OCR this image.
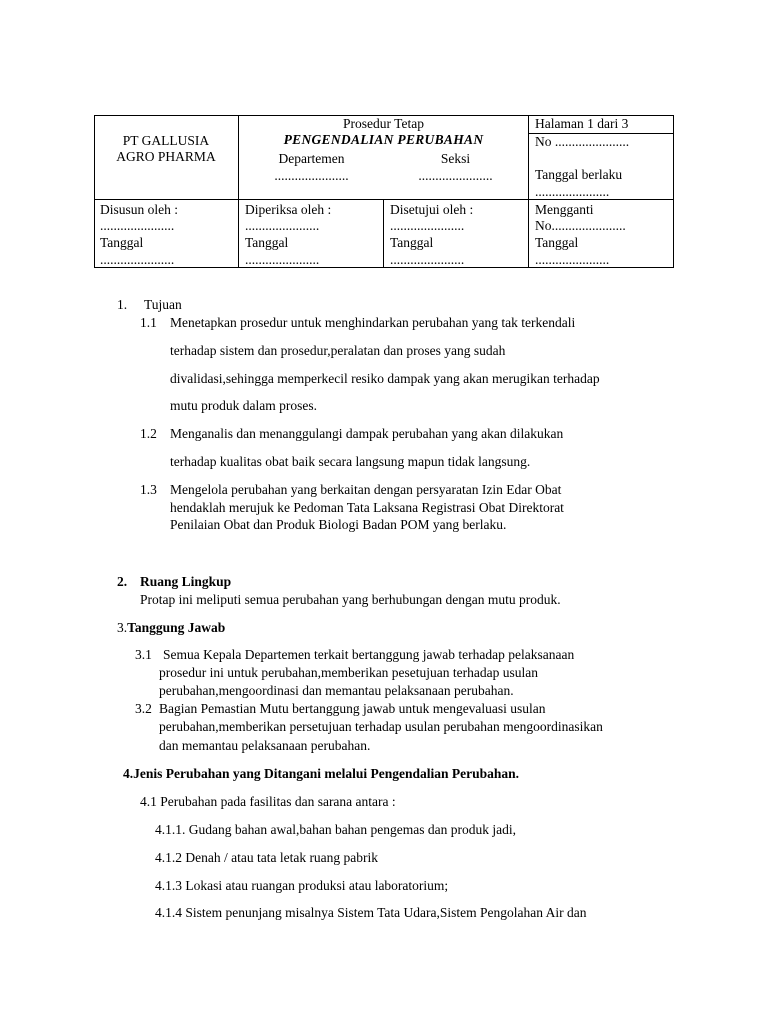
PT GALLUSIA
AGRO PHARMA
Prosedur Tetap
PENGENDALIAN PERUBAHAN
Departemen
......................
Seksi
......................
Halaman 1 dari 3
No ......................
Tanggal berlaku
......................
Disusun oleh :
......................
Tanggal
......................
Diperiksa oleh :
......................
Tanggal
......................
Disetujui oleh :
......................
Tanggal
......................
Mengganti
No......................
Tanggal
......................
1. Tujuan
1.1 Menetapkan prosedur untuk menghindarkan perubahan yang tak terkendali
terhadap sistem dan prosedur,peralatan dan proses yang sudah
divalidasi,sehingga memperkecil resiko dampak yang akan merugikan terhadap
mutu produk dalam proses.
1.2 Menganalis dan menanggulangi dampak perubahan yang akan dilakukan
terhadap kualitas obat baik secara langsung mapun tidak langsung.
1.3 Mengelola perubahan yang berkaitan dengan persyaratan Izin Edar Obat
hendaklah merujuk ke Pedoman Tata Laksana Registrasi Obat Direktorat
Penilaian Obat dan Produk Biologi Badan POM yang berlaku.
2. Ruang Lingkup
Protap ini meliputi semua perubahan yang berhubungan dengan mutu produk.
3.Tanggung Jawab
3.1 Semua Kepala Departemen terkait bertanggung jawab terhadap pelaksanaan
prosedur ini untuk perubahan,memberikan pesetujuan terhadap usulan
perubahan,mengoordinasi dan memantau pelaksanaan perubahan.
3.2 Bagian Pemastian Mutu bertanggung jawab untuk mengevaluasi usulan
perubahan,memberikan persetujuan terhadap usulan perubahan mengoordinasikan
dan memantau pelaksanaan perubahan.
4.Jenis Perubahan yang Ditangani melalui Pengendalian Perubahan.
4.1 Perubahan pada fasilitas dan sarana antara :
4.1.1. Gudang bahan awal,bahan bahan pengemas dan produk jadi,
4.1.2 Denah / atau tata letak ruang pabrik
4.1.3 Lokasi atau ruangan produksi atau laboratorium;
4.1.4 Sistem penunjang misalnya Sistem Tata Udara,Sistem Pengolahan Air dan
